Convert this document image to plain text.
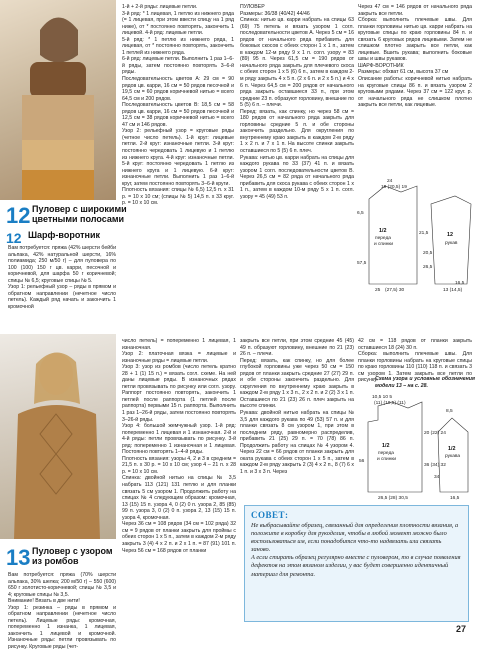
12 Пуловер с широкими
цветными полосами
12 Шарф-воротник
Вам потребуется: пряжа (42% шерсти бейби альпака, 42% натуральной шерсти, 16% полиамида; 250 м/50 г) – для пуловера по 100 (100) 150 г цв. карри, песочной и коричневой, для шарфа 50 г коричневой; спицы № 6,5; круговые спицы № 5.
Узор 1: рельефный узор – ряды в прямом и обратном направлении (нечетное число петель). Каждый ряд начать и закончить 1 кромочной
1-й + 2-й ряды: лицевые петли.
3-й ряд: * 1 лицевая, 1 петлю из нижнего ряда (= 1 лицевая, при этом ввести спицу на 1 ряд ниже), от * постоянно повторять, закончить 1 лицевой. 4-й ряд: лицевые петли.
5-й ряд: * 1 петлю из нижнего ряда, 1 лицевая, от * постоянно повторять, закончить 1 петлей из нижнего ряда.
6-й ряд: лицевые петли. Выполнить 1 раз 1–6-й ряды, затем постоянно повторять 3–6-й ряды.
Последовательность цветов А: 29 см = 90 рядов цв. карри, 16 см = 50 рядов песочной и 19,5 см = 60 рядов коричневой нитью = всего 64,5 см и 200 рядов.
Последовательность цветов В: 18,5 см = 58 рядов цв. карри, 16 см = 50 рядов песочной и 12,5 см = 38 рядов коричневой нитью = всего 47 см и 146 рядов.
Узор 2: рельефный узор = круговые ряды (четное число петель). 1-й круг: лицевые петли. 2-й круг: изнаночные петли. 3-й круг: постоянно чередовать 1 лицевую и 1 петлю из нижнего круга. 4-й круг: изнаночные петли. 5-й круг: постоянно чередовать 1 петлю из нижнего круга и 1 лицевую. 6-й круг: изнаночные петли. Выполнить 1 раз 1–6-й круг, затем постоянно повторять 3–6-й круги.
Плотность вязания: спицы № 6,5) 12,5 п. х 31 р. = 10 х 10 см; (спицы № 5) 14,5 п. х 33 круг. р. = 10 х 10 см.
ПУЛОВЕР
Размеры: 36/38 (40/42) 44/46
Спинка: нитью цв. карри набрать на спицы 63 (69) 75 петель и вязать узором 1 согл. последовательности цветов А. Через 5 см = 16 рядов от начального ряда прибавить для боковых скосов с обеих сторон 1 х 1 п., затем в каждом 12-м ряду 9 х 1 п. согл. узору = 83 (89) 95 п. Через 61,5 см = 190 рядов от начального ряда закрыть для плечевого скоса с обеих сторон 1 х 5 (6) 6 п., затем в каждом 2-м ряду закрыть 4 х 5 п. (2 х 6 п. и 2 х 5 п.) и 4 х 6 п. Через 64,5 см = 200 рядов от начального ряда закрыть оставшиеся 33 п., при этом средние 23 п. образуют горловину, внешние по 5 (5) 6 п. – плечи.
Перед: вязать, как спинку, но через 58 см = 180 рядов от начального ряда закрыть для горловины средние 5 п. и обе стороны закончить раздельно. Для округления по внутреннему краю закрыть в каждом 2-м ряду 1 х 2 п. и 7 х 1 п. На высоте спинки закрыть оставшиеся по 5 (5) 6 п. плеч.
Рукава: нитью цв. карри набрать на спицы для каждого рукава по 33 (37) 41 п. и вязать узором 1 согл. последовательности цветов В. Через 26,5 см = 82 ряда от начального ряда прибавить для скоса рукава с обеих сторон 1 х 1 п., затем в каждом 10-м ряду 5 х 1 п. согл. узору = 45 (49) 53 п.
Через 47 см = 146 рядов от начального ряда закрыть все петли.
Сборка: выполнить плечевые швы. Для планки горловины нитью цв. карри набрать на круговые спицы по краю горловины 84 п. и связать 6 круговых рядов лицевыми. Затем не слишком плотно закрыть все петли, как лицевые. Вшить рукава; выполнить боковые швы и швы рукавов.
ШАРФ-ВОРОТНИК
Размеры: обхват 61 см, высота 37 см
Описание работы: коричневой нитью набрать на круговые спицы 86 п. и вязать узором 2 круговыми рядами. Через 37 см = 122 круг. р. от начального ряда не слишком плотно закрыть все петли, как лицевые.
1/2
переда
и спинки
24
19 (20,5) 19
6,5
21,5
57,5
25 (27,5) 30
12
рукав
20,5
26,5
13 (14,5)
16,5
13 Пуловер с узором
из ромбов
Вам потребуется: пряжа (70% шерсти альпака, 30% шелка; 200 м/50 г) – 550 (600) 650 г золотисто-коричневой; спицы № 3,5 и 4; круговые спицы № 3,5.
Внимание! Вязать в две нити!
Узор 1: резинка – ряды в прямом и обратном направлении (нечетное число петель). Лицевые ряды: кромочная, попеременно 1 изнанка, 1 лицевая, закончить 1 лицевой и кромочной. Изнаночные ряды: петли провязывать по рисунку. Круговые ряды (чет-
число петель) = попеременно 1 лицевая, 1 изнаночная.
Узор 2: платочная вязка = лицевые и изнаночные ряды = лицевые петли.
Узор 3: узор из ромбов (число петель кратно 28 + 1 (1) 15 п.) = вязать согл. схеме. На ней даны лицевые ряды. В изнаночных рядах петли провязывать по рисунку или согл. узору. Раппорт постоянно повторять, закончить 1 петлей после раппорта (1 петлей после раппорта) первыми 15 п. раппорта. Выполнить 1 раз 1–26-й ряды, затем постоянно повторять 3–26-й ряды.
Узор 4: большой жемчужный узор. 1-й ряд: попеременно 1 лицевая и 1 изнаночная. 2-й и 4-й ряды: петли провязывать по рисунку. 3-й ряд: попеременно 1 изнаночная и 1 лицевая. Постоянно повторять 1–4-й ряды.
Плотность вязания: узоры 4, 2 и 3 в среднем = 21,5 п. х 30 р. = 10 х 10 см; узор 4 – 21 п. х 28 р. = 10 х 10 см.
Спинка: двойной нитью на спицы № 3,5 набрать 113 (121) 131 петлю и для планки связать 5 см узором 1. Продолжить работу на спицах № 4 следующим образом: кромочная, 13 (15) 15 п. узора 4, 0 (2) 0 п. узора 2, 85 (85) 99 п. узора 3, 0 (2) 0 п. узора 2, 13 (15) 15 п. узора 4, кромочная.
Через 36 см = 108 рядов (34 см = 102 ряда) 32 см = 9 рядов от планки закрыть для проймы с обеих сторон 1 х 5 п., затем в каждом 2-м ряду закрыть 3 (4) 4 х 2 п. и 2 х 1 п. = 87 (91) 101 п. Через 56 см = 168 рядов от планки
закрыть все петли, при этом средние 45 (45) 49 п. образуют горловину, внешние по 21 (23) 26 п. – плечи.
Перед: вязать, как спинку, но для более глубокой горловины уже через 50 см = 150 рядов от планки закрыть средние 27 (27) 29 п. и обе стороны закончить раздельно. Для скругления по внутреннему краю закрыть в каждом 2-м ряду 1 х 3 п., 2 х 2 п. и 2 (2) 3 х 1 п. Оставшиеся по 21 (23) 26 п. плеч закрыть на высоте спинки.
Рукава: двойной нитью набрать на спицы № 3,5 для каждого рукава по 49 (53) 57 п. и для планки связать 8 см узором 1, при этом в последнем ряду, равномерно распределив, прибавить 21 (25) 29 п. = 70 (78) 86 п. Продолжить работу на спицах № 4 узором 4. Через 22 см = 66 рядов от планки закрыть для оката рукава с обеих сторон 1 х 5 п., затем в каждом 2-м ряду закрыть 2 (3) 4 х 2 п., 8 (7) 6 х 1 п. и 3 х 3 п. Через
42 см = 118 рядов от планки закрыть оставшиеся 18 (24) 30 п.
Сборка: выполнить плечевые швы. Для планки горловины набрать на круговые спицы по краю горловины 110 (110) 118 п. и связать 3 см узором 1. Затем закрыть все петли по рисунку.
Схема узора и условные обозначения модели 13 – на с. 28.
10,5 10 5
(11) (10,5) (11)
1/2
переда
и спинки
20 (22) 24
36 (34) 32
56
26,5 (28) 30,5
1/2
рукава
8,5
16,5
34
СОВЕТ:
Не выбрасывайте образец, связанный для определения плотности вязания, а положите в коробку для рукоделия, чтобы в любой момент можно было воспользоваться им, если понадобится что-то надвязать или связать заново.
А если стирать образец регулярно вместе с пуловером, то в случае появления дефектов на этом вязаном изделии, у вас будет совершенно идентичный материал для ремонта.
27
